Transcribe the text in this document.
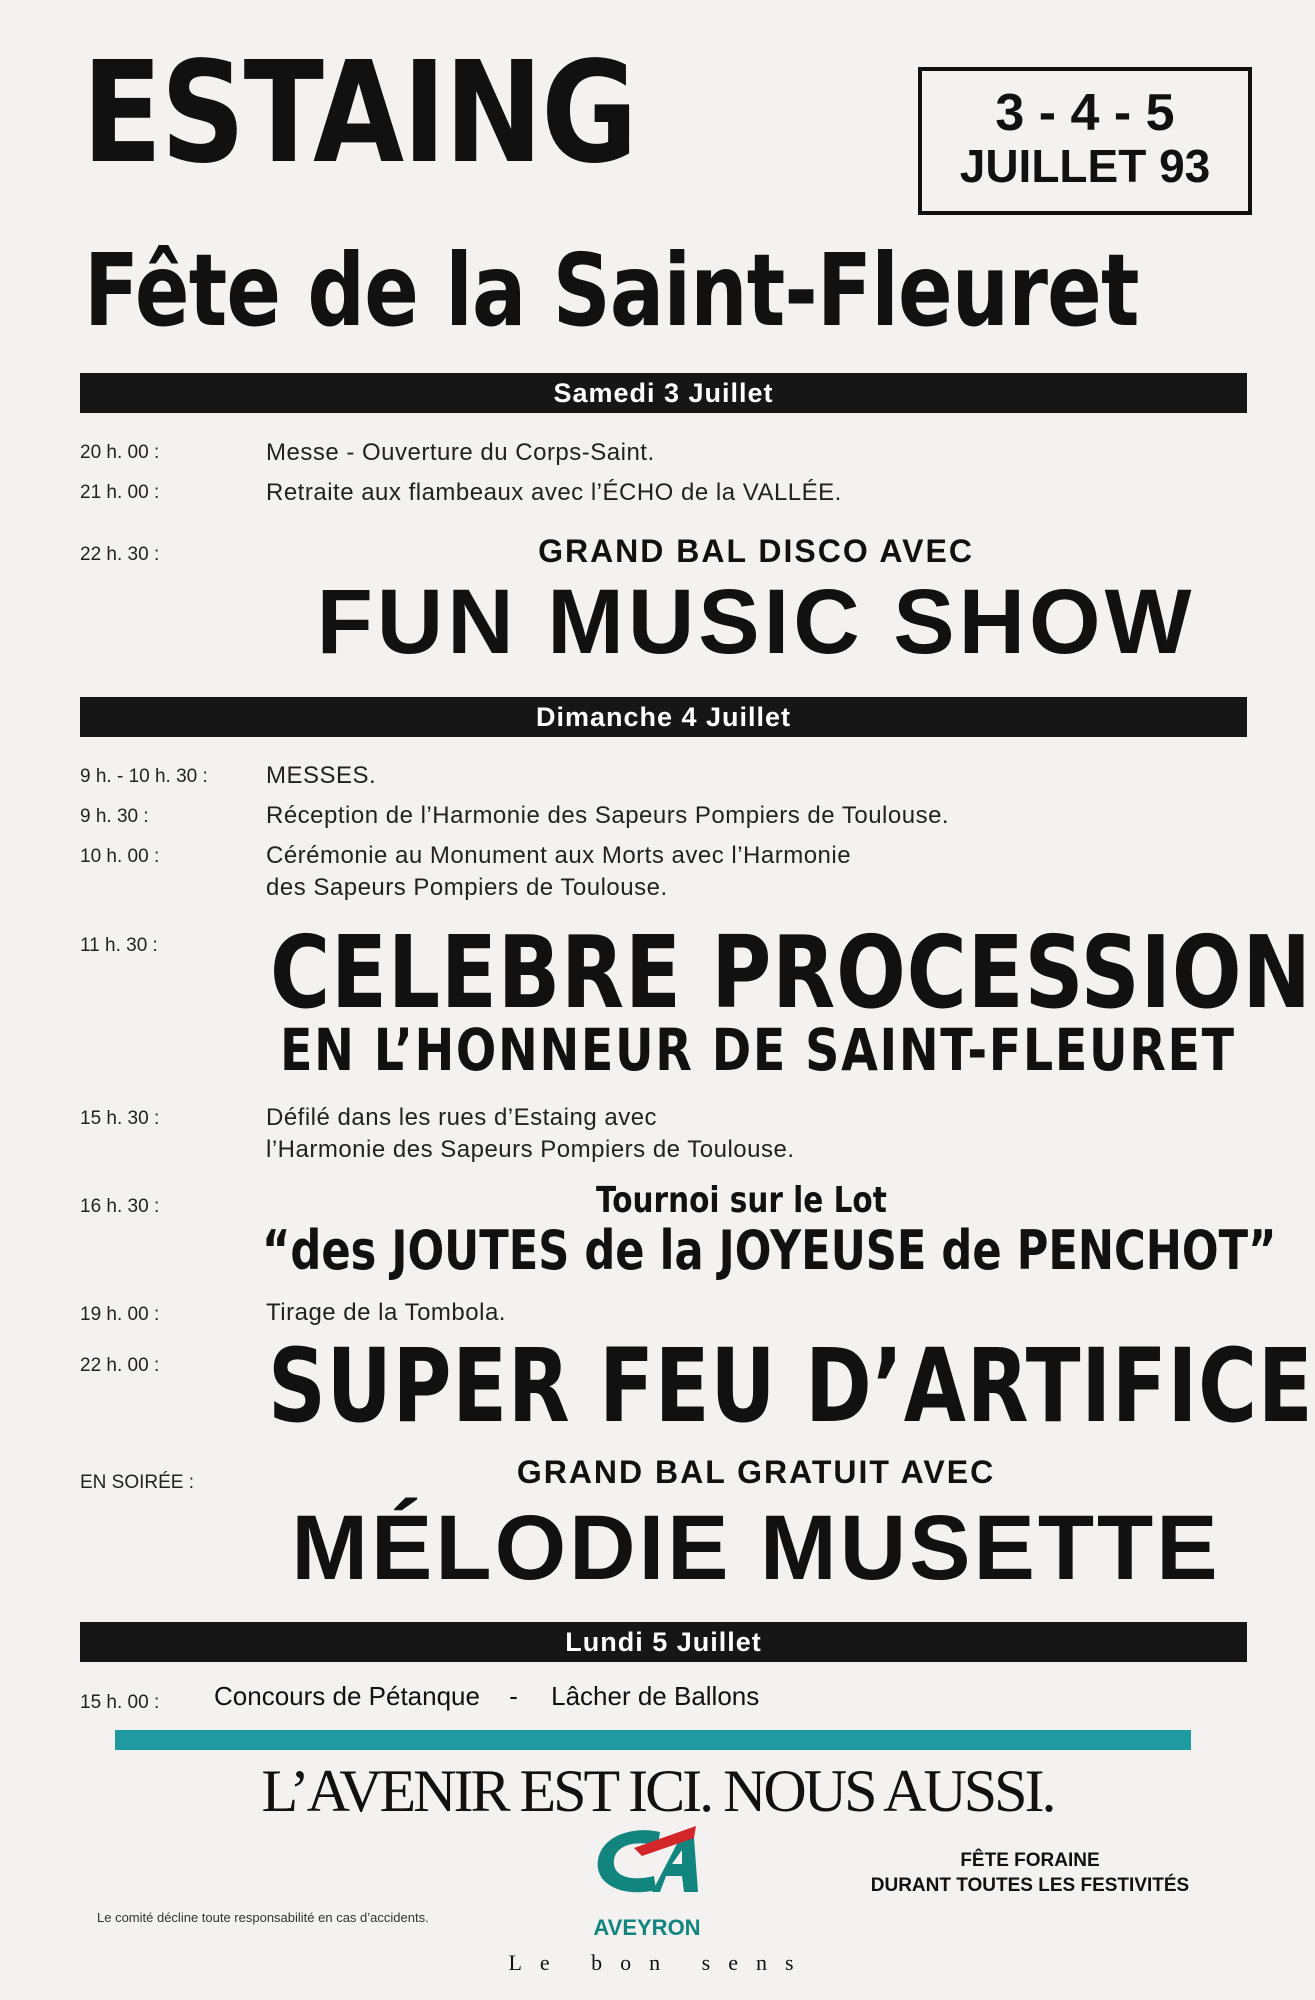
ESTAING	3 - 4 - 5
JUILLET 93
Fête de la Saint-Fleuret
Samedi 3 Juillet
20 h. 00 :	Messe - Ouverture du Corps-Saint.
21 h. 00 :	Retraite aux flambeaux avec l’ÉCHO de la VALLÉE.
22 h. 30 :	GRAND BAL DISCO AVEC
FUN MUSIC SHOW
Dimanche 4 Juillet
9 h. - 10 h. 30 : MESSES.
9 h. 30 :	Réception de l’Harmonie des Sapeurs Pompiers de Toulouse.
10 h. 00 :	Cérémonie au Monument aux Morts avec l’Harmonie
des Sapeurs Pompiers de Toulouse.
11 h. 30 : CELEBRE PROCESSION
EN L’HONNEUR DE SAINT-FLEURET
15 h. 30 :	Défilé dans les rues d’Estaing avec
l’Harmonie des Sapeurs Pompiers de Toulouse.
16 h. 30 :	Tournoi sur le Lot
“des JOUTES de la JOYEUSE de PENCHOT”
19 h. 00 :	Tirage de la Tombola.
22 h. 00 : SUPER FEU D’ARTIFICE
EN SOIRÉE :	GRAND BAL GRATUIT AVEC
MÉLODIE MUSETTE
Lundi 5 Juillet
15 h. 00 : Concours de Pétanque - Lâcher de Ballons
L’AVENIR EST ICI. NOUS AUSSI.
AVEYRON
Le bon sens
Le comité décline toute responsabilité en cas d’accidents.
FÊTE FORAINE
DURANT TOUTES LES FESTIVITÉS
